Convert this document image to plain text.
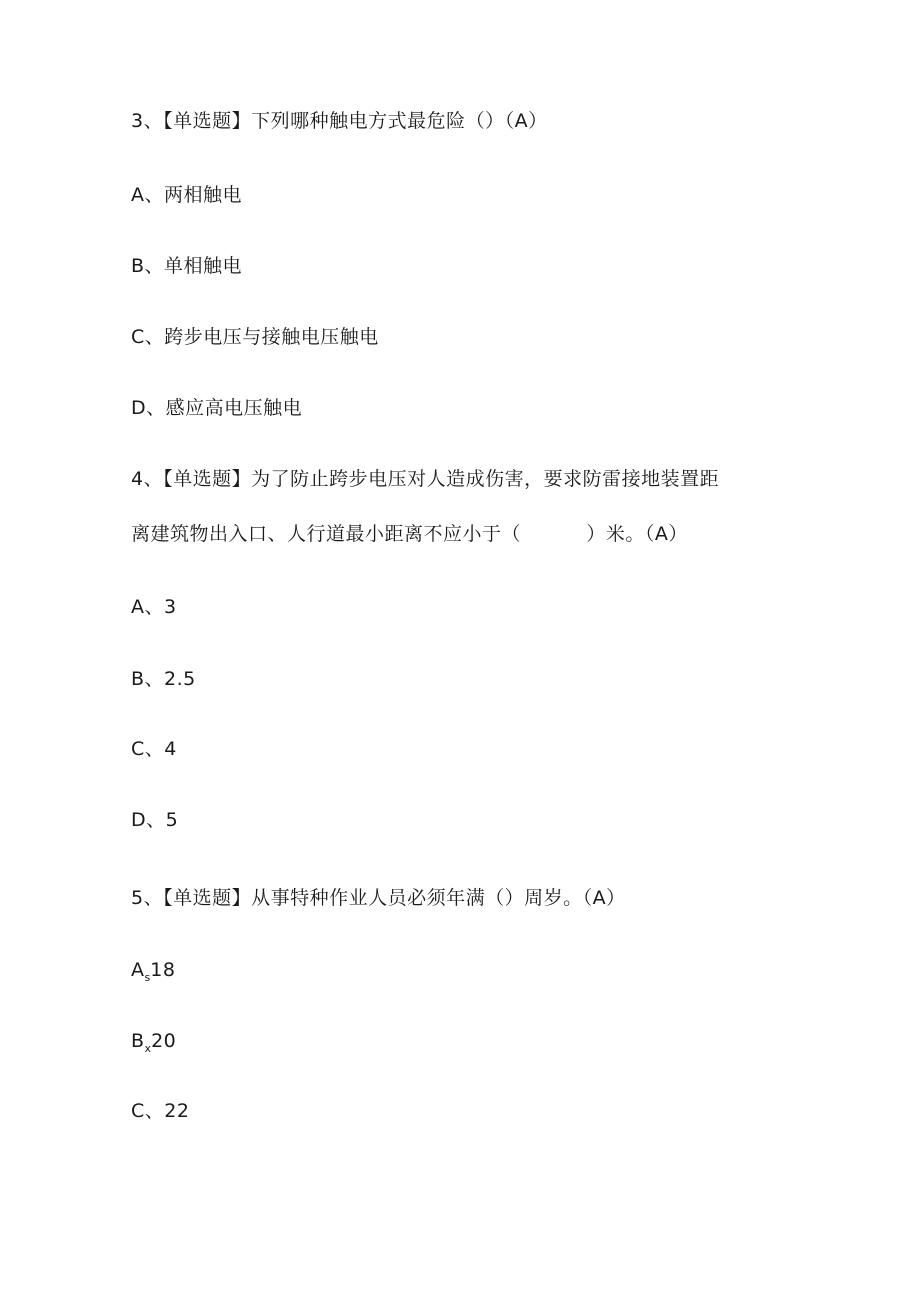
3、【单选题】下列哪种触电方式最危险（）（A）
A、两相触电
B、单相触电
C、跨步电压与接触电压触电
D、感应高电压触电
4、【单选题】为了防止跨步电压对人造成伤害，要求防雷接地装置距
离建筑物出入口、人行道最小距离不应小于（          ）米。（A）
A、3
B、2.5
C、4
D、5
5、【单选题】从事特种作业人员必须年满（）周岁。（A）
$A_s18$
$B_x20$
C、22
